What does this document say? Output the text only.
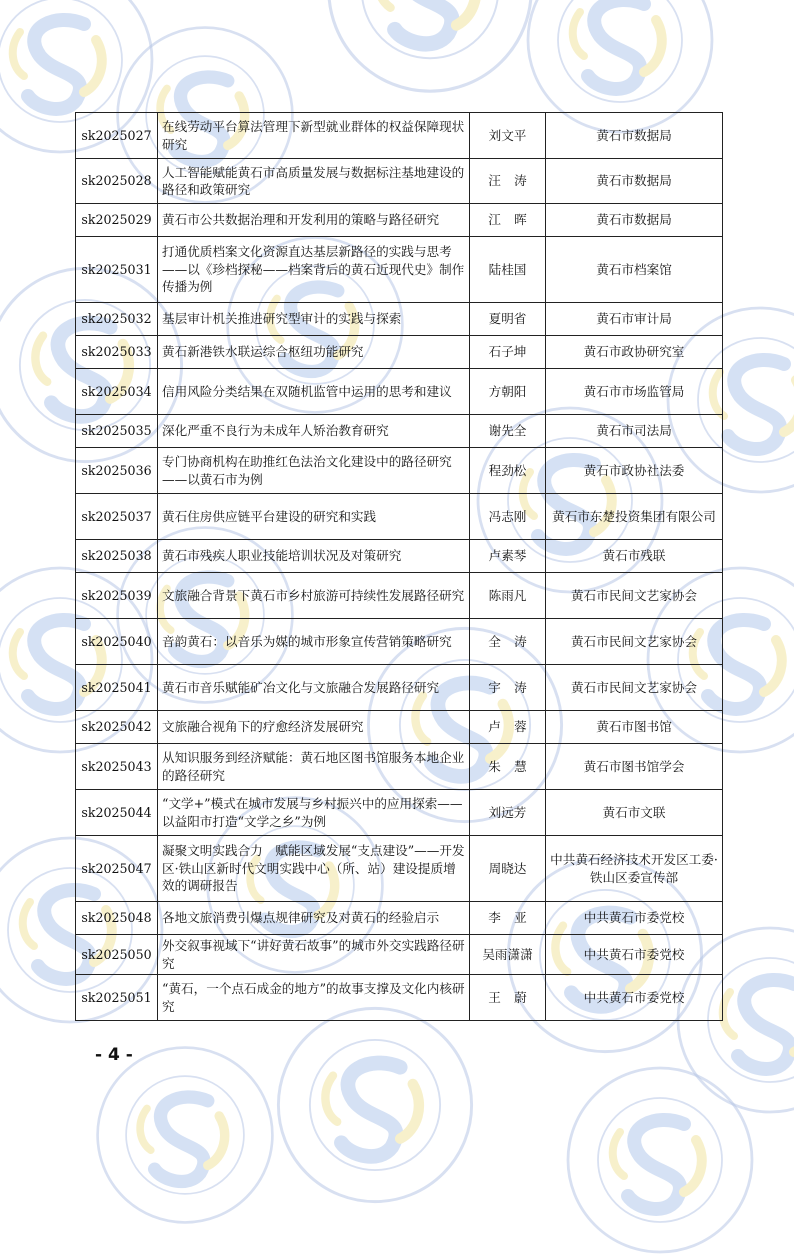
sk2025027	在线劳动平台算法管理下新型就业群体的权益保障现状研究	刘文平	黄石市数据局
sk2025028	人工智能赋能黄石市高质量发展与数据标注基地建设的路径和政策研究	汪涛	黄石市数据局
sk2025029	黄石市公共数据治理和开发利用的策略与路径研究	江晖	黄石市数据局
sk2025031	打通优质档案文化资源直达基层新路径的实践与思考——以《珍档探秘——档案背后的黄石近现代史》制作传播为例	陆桂国	黄石市档案馆
sk2025032	基层审计机关推进研究型审计的实践与探索	夏明省	黄石市审计局
sk2025033	黄石新港铁水联运综合枢纽功能研究	石子坤	黄石市政协研究室
sk2025034	信用风险分类结果在双随机监管中运用的思考和建议	方朝阳	黄石市市场监管局
sk2025035	深化严重不良行为未成年人矫治教育研究	谢先全	黄石市司法局
sk2025036	专门协商机构在助推红色法治文化建设中的路径研究——以黄石市为例	程劲松	黄石市政协社法委
sk2025037	黄石住房供应链平台建设的研究和实践	冯志刚	黄石市东楚投资集团有限公司
sk2025038	黄石市残疾人职业技能培训状况及对策研究	卢素琴	黄石市残联
sk2025039	文旅融合背景下黄石市乡村旅游可持续性发展路径研究	陈雨凡	黄石市民间文艺家协会
sk2025040	音韵黄石：以音乐为媒的城市形象宣传营销策略研究	全涛	黄石市民间文艺家协会
sk2025041	黄石市音乐赋能矿冶文化与文旅融合发展路径研究	宇涛	黄石市民间文艺家协会
sk2025042	文旅融合视角下的疗愈经济发展研究	卢蓉	黄石市图书馆
sk2025043	从知识服务到经济赋能：黄石地区图书馆服务本地企业的路径研究	朱慧	黄石市图书馆学会
sk2025044	“文学+”模式在城市发展与乡村振兴中的应用探索——以益阳市打造“文学之乡”为例	刘远芳	黄石市文联
sk2025047	凝聚文明实践合力　赋能区域发展“支点建设”——开发区·铁山区新时代文明实践中心（所、站）建设提质增效的调研报告	周晓达	中共黄石经济技术开发区工委·铁山区委宣传部
sk2025048	各地文旅消费引爆点规律研究及对黄石的经验启示	李亚	中共黄石市委党校
sk2025050	外交叙事视域下“讲好黄石故事”的城市外交实践路径研究	吴雨潇潇	中共黄石市委党校
sk2025051	“黄石，一个点石成金的地方”的故事支撑及文化内核研究	王蔚	中共黄石市委党校
- 4 -
